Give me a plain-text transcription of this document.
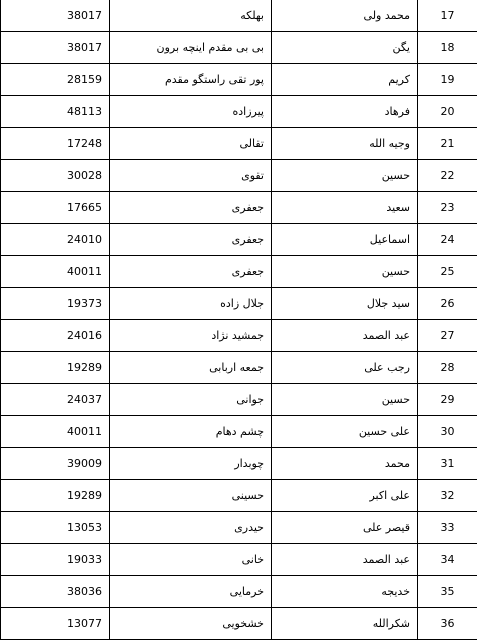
17	محمد ولی	بهلکه	38017
18	یگن	بی بی مقدم اینچه برون	38017
19	کریم	پور تقی راستگو مقدم	28159
20	فرهاد	پیرزاده	48113
21	وجیه الله	تقالی	17248
22	حسین	تقوی	30028
23	سعید	جعفری	17665
24	اسماعیل	جعفری	24010
25	حسین	جعفری	40011
26	سید جلال	جلال زاده	19373
27	عبد الصمد	جمشید نژاد	24016
28	رجب علی	جمعه اربابی	19289
29	حسین	جوانی	24037
30	علی حسین	چشم دهام	40011
31	محمد	چوبدار	39009
32	علی اکبر	حسینی	19289
33	قیصر علی	حیدری	13053
34	عبد الصمد	خانی	19033
35	خدیجه	خرمایی	38036
36	شکرالله	خشخویی	13077
